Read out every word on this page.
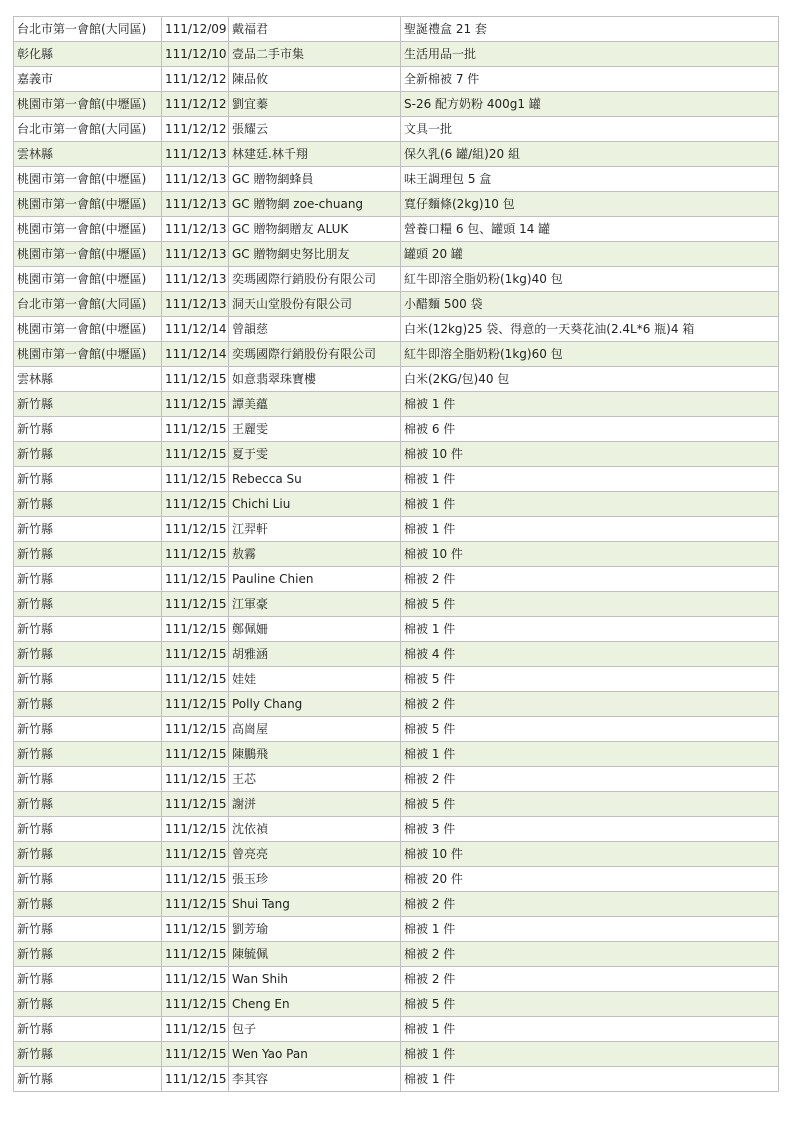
台北市第一會館(大同區)	111/12/09	戴福君	聖誕禮盒 21 套
彰化縣	111/12/10	壹品二手市集	生活用品一批
嘉義市	111/12/12	陳品攸	全新棉被 7 件
桃園市第一會館(中壢區)	111/12/12	劉宜蓁	S-26 配方奶粉 400g1 罐
台北市第一會館(大同區)	111/12/12	張耀云	文具一批
雲林縣	111/12/13	林建廷.林千翔	保久乳(6 罐/組)20 組
桃園市第一會館(中壢區)	111/12/13	GC 贈物網蜂員	味王調理包 5 盒
桃園市第一會館(中壢區)	111/12/13	GC 贈物網 zoe-chuang	寬仔麵條(2kg)10 包
桃園市第一會館(中壢區)	111/12/13	GC 贈物網贈友 ALUK	營養口糧 6 包、罐頭 14 罐
桃園市第一會館(中壢區)	111/12/13	GC 贈物網史努比朋友	罐頭 20 罐
桃園市第一會館(中壢區)	111/12/13	奕瑪國際行銷股份有限公司	紅牛即溶全脂奶粉(1kg)40 包
台北市第一會館(大同區)	111/12/13	洞天山堂股份有限公司	小醋麵 500 袋
桃園市第一會館(中壢區)	111/12/14	曾韻慈	白米(12kg)25 袋、得意的一天葵花油(2.4L*6 瓶)4 箱
桃園市第一會館(中壢區)	111/12/14	奕瑪國際行銷股份有限公司	紅牛即溶全脂奶粉(1kg)60 包
雲林縣	111/12/15	如意翡翠珠寶樓	白米(2KG/包)40 包
新竹縣	111/12/15	譚美蘊	棉被 1 件
新竹縣	111/12/15	王麗雯	棉被 6 件
新竹縣	111/12/15	夏于雯	棉被 10 件
新竹縣	111/12/15	Rebecca Su	棉被 1 件
新竹縣	111/12/15	Chichi Liu	棉被 1 件
新竹縣	111/12/15	江羿軒	棉被 1 件
新竹縣	111/12/15	敖霧	棉被 10 件
新竹縣	111/12/15	Pauline Chien	棉被 2 件
新竹縣	111/12/15	江軍豪	棉被 5 件
新竹縣	111/12/15	鄭佩姍	棉被 1 件
新竹縣	111/12/15	胡雅涵	棉被 4 件
新竹縣	111/12/15	娃娃	棉被 5 件
新竹縣	111/12/15	Polly Chang	棉被 2 件
新竹縣	111/12/15	高崗屋	棉被 5 件
新竹縣	111/12/15	陳鵬飛	棉被 1 件
新竹縣	111/12/15	王芯	棉被 2 件
新竹縣	111/12/15	謝洴	棉被 5 件
新竹縣	111/12/15	沈依禎	棉被 3 件
新竹縣	111/12/15	曾亮亮	棉被 10 件
新竹縣	111/12/15	張玉珍	棉被 20 件
新竹縣	111/12/15	Shui Tang	棉被 2 件
新竹縣	111/12/15	劉芳瑜	棉被 1 件
新竹縣	111/12/15	陳毓佩	棉被 2 件
新竹縣	111/12/15	Wan Shih	棉被 2 件
新竹縣	111/12/15	Cheng En	棉被 5 件
新竹縣	111/12/15	包子	棉被 1 件
新竹縣	111/12/15	Wen Yao Pan	棉被 1 件
新竹縣	111/12/15	李其容	棉被 1 件
